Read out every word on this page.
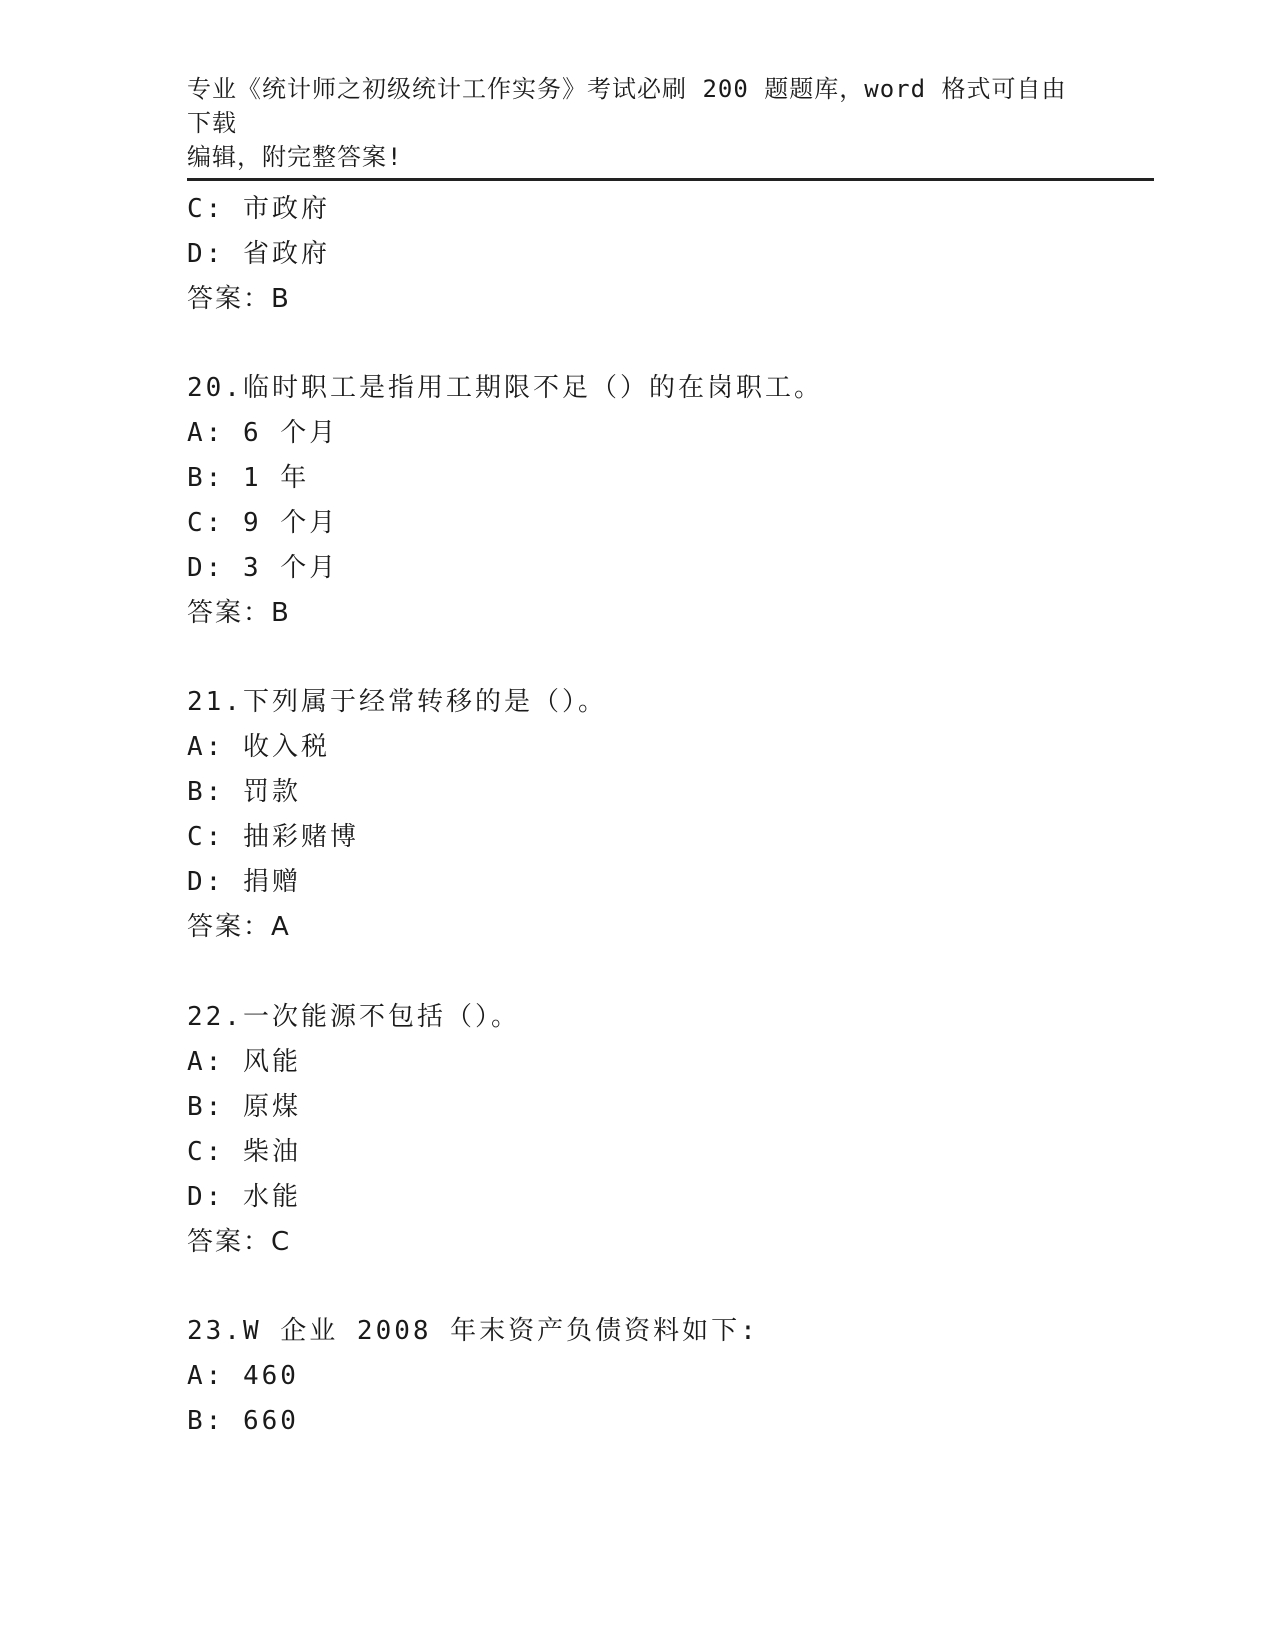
专业《统计师之初级统计工作实务》考试必刷 200 题题库，word 格式可自由下载
编辑，附完整答案!
C: 市政府
D: 省政府
答案：B
20.临时职工是指用工期限不足（）的在岗职工。
A: 6 个月
B: 1 年
C: 9 个月
D: 3 个月
答案：B
21.下列属于经常转移的是（）。
A: 收入税
B: 罚款
C: 抽彩赌博
D: 捐赠
答案：A
22.一次能源不包括（）。
A: 风能
B: 原煤
C: 柴油
D: 水能
答案：C
23.W 企业 2008 年末资产负债资料如下:
A: 460
B: 660
